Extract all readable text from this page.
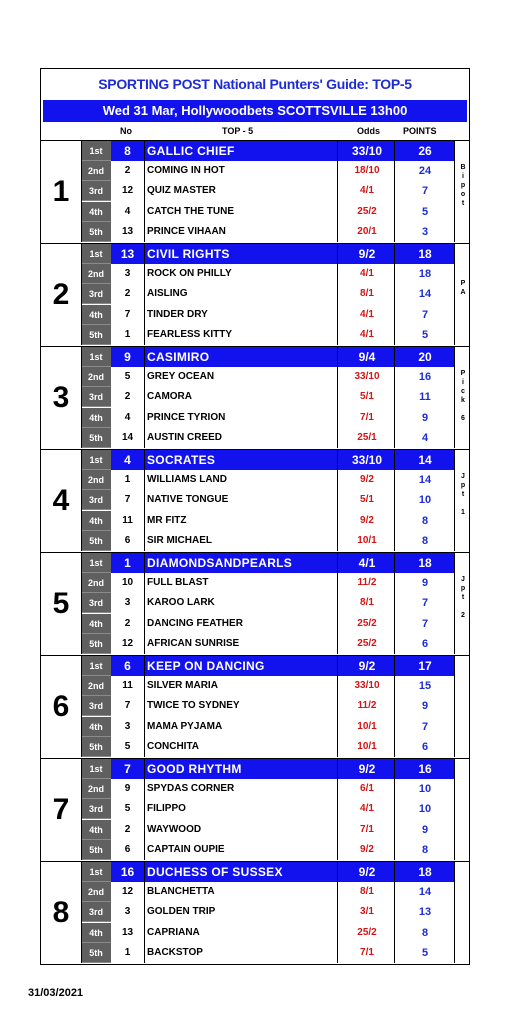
SPORTING POST National Punters' Guide: TOP-5
Wed 31 Mar, Hollywoodbets SCOTTSVILLE 13h00
No	TOP - 5	Odds	POINTS
1
1st	8	GALLIC CHIEF	33/10	26
2nd	2	COMING IN HOT	18/10	24
3rd	12	QUIZ MASTER	4/1	7
4th	4	CATCH THE TUNE	25/2	5
5th	13	PRINCE VIHAAN	20/1	3
B
i
p
o
t
2
1st	13	CIVIL RIGHTS	9/2	18
2nd	3	ROCK ON PHILLY	4/1	18
3rd	2	AISLING	8/1	14
4th	7	TINDER DRY	4/1	7
5th	1	FEARLESS KITTY	4/1	5
P
A
3
1st	9	CASIMIRO	9/4	20
2nd	5	GREY OCEAN	33/10	16
3rd	2	CAMORA	5/1	11
4th	4	PRINCE TYRION	7/1	9
5th	14	AUSTIN CREED	25/1	4
P
i
c
k
6
4
1st	4	SOCRATES	33/10	14
2nd	1	WILLIAMS LAND	9/2	14
3rd	7	NATIVE TONGUE	5/1	10
4th	11	MR FITZ	9/2	8
5th	6	SIR MICHAEL	10/1	8
J
p
t
1
5
1st	1	DIAMONDSANDPEARLS	4/1	18
2nd	10	FULL BLAST	11/2	9
3rd	3	KAROO LARK	8/1	7
4th	2	DANCING FEATHER	25/2	7
5th	12	AFRICAN SUNRISE	25/2	6
J
p
t
2
6
1st	6	KEEP ON DANCING	9/2	17
2nd	11	SILVER MARIA	33/10	15
3rd	7	TWICE TO SYDNEY	11/2	9
4th	3	MAMA PYJAMA	10/1	7
5th	5	CONCHITA	10/1	6
7
1st	7	GOOD RHYTHM	9/2	16
2nd	9	SPYDAS CORNER	6/1	10
3rd	5	FILIPPO	4/1	10
4th	2	WAYWOOD	7/1	9
5th	6	CAPTAIN OUPIE	9/2	8
8
1st	16	DUCHESS OF SUSSEX	9/2	18
2nd	12	BLANCHETTA	8/1	14
3rd	3	GOLDEN TRIP	3/1	13
4th	13	CAPRIANA	25/2	8
5th	1	BACKSTOP	7/1	5
31/03/2021
